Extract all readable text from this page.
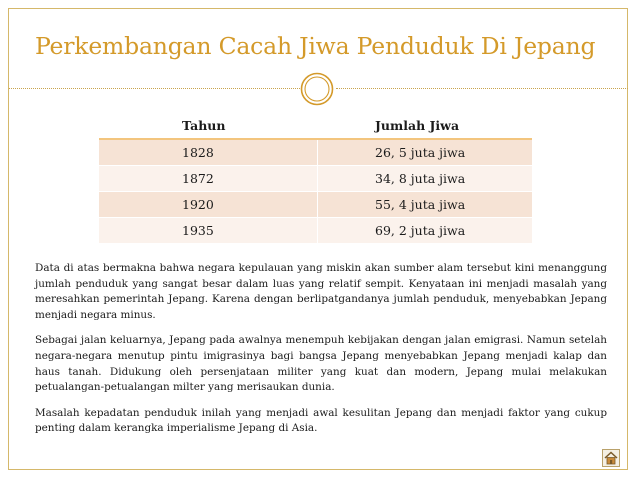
Perkembangan Cacah Jiwa Penduduk Di Jepang
Tahun	Jumlah Jiwa
1828	26, 5 juta jiwa
1872	34, 8 juta jiwa
1920	55, 4 juta jiwa
1935	69, 2 juta jiwa

Data di atas bermakna bahwa negara kepulauan yang miskin akan sumber alam tersebut kini menanggung jumlah penduduk yang sangat besar dalam luas yang relatif sempit. Kenyataan ini menjadi masalah yang meresahkan pemerintah Jepang. Karena dengan berlipatgandanya jumlah penduduk, menyebabkan Jepang menjadi negara minus.

Sebagai jalan keluarnya, Jepang pada awalnya menempuh kebijakan dengan jalan emigrasi. Namun setelah negara-negara menutup pintu imigrasinya bagi bangsa Jepang menyebabkan Jepang menjadi kalap dan haus tanah. Didukung oleh persenjataan militer yang kuat dan modern, Jepang mulai melakukan petualangan-petualangan milter yang merisaukan dunia.

Masalah kepadatan penduduk inilah yang menjadi awal kesulitan Jepang dan menjadi faktor yang cukup penting dalam kerangka imperialisme Jepang di Asia.
